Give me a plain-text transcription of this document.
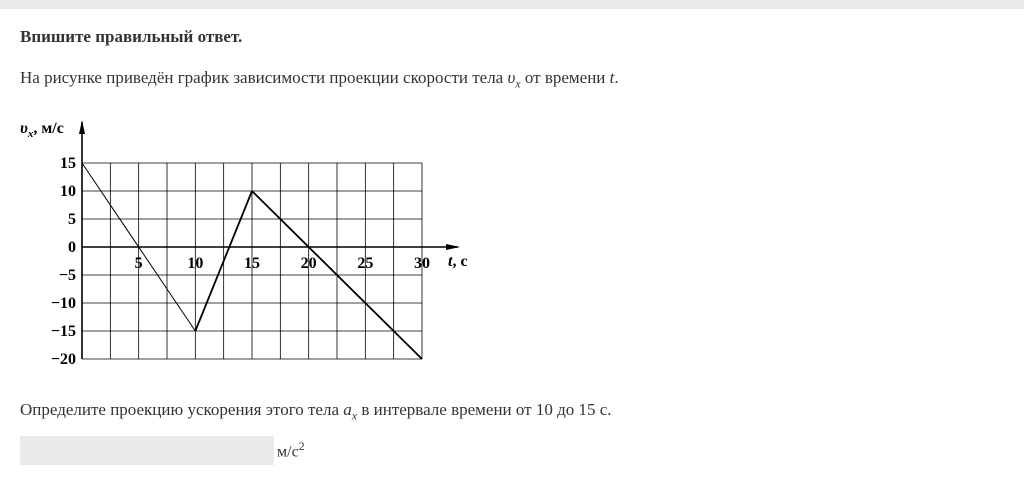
Впишите правильный ответ.

На рисунке приведён график зависимости проекции скорости тела $\upsilon_x$ от времени t.

15
10
5
0
−5
−10
−15
−20
5	10	15	20	25	30
$\upsilon_x$, м/с
t, с

Определите проекцию ускорения этого тела $a_x$ в интервале времени от 10 до 15 с.

$м/с^2$
